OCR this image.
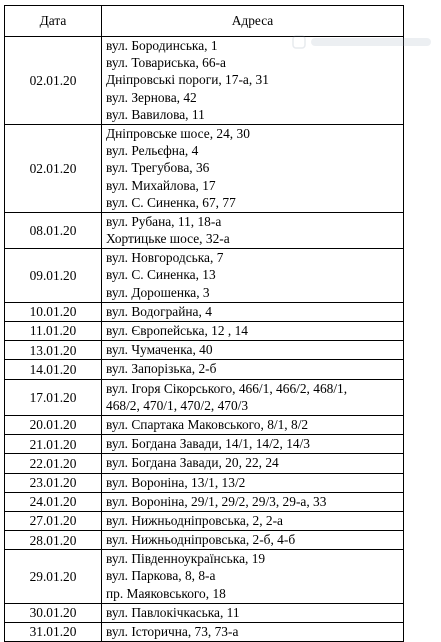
Дата	Адреса
02.01.20	вул. Бородинська, 1
вул. Товариська, 66-а
Дніпровські пороги, 17-а, 31
вул. Зернова, 42
вул. Вавилова, 11

02.01.20	Дніпровське шосе, 24, 30
вул. Рельєфна, 4
вул. Трегубова, 36
вул. Михайлова, 17
вул. С. Синенка, 67, 77

08.01.20	вул. Рубана, 11, 18-а
Хортицьке шосе, 32-а

09.01.20	вул. Новгородська, 7
вул. С. Синенка, 13
вул. Дорошенка, 3

10.01.20	вул. Водограйна, 4

11.01.20	вул. Європейська, 12 , 14

13.01.20	вул. Чумаченка, 40

14.01.20	вул. Запорізька, 2-б

17.01.20	вул. Ігоря Сікорського, 466/1, 466/2, 468/1,
468/2, 470/1, 470/2, 470/3

20.01.20	вул. Спартака Маковського, 8/1, 8/2

21.01.20	вул. Богдана Завади, 14/1, 14/2, 14/3

22.01.20	вул. Богдана Завади, 20, 22, 24

23.01.20	вул. Вороніна, 13/1, 13/2

24.01.20	вул. Вороніна, 29/1, 29/2, 29/3, 29-а, 33

27.01.20	вул. Нижньодніпровська, 2, 2-а

28.01.20	вул. Нижньодніпровська, 2-б, 4-б

29.01.20	вул. Південноукраїнська, 19
вул. Паркова, 8, 8-а
пр. Маяковського, 18

30.01.20	вул. Павлокічкаська, 11

31.01.20	вул. Історична, 73, 73-а
